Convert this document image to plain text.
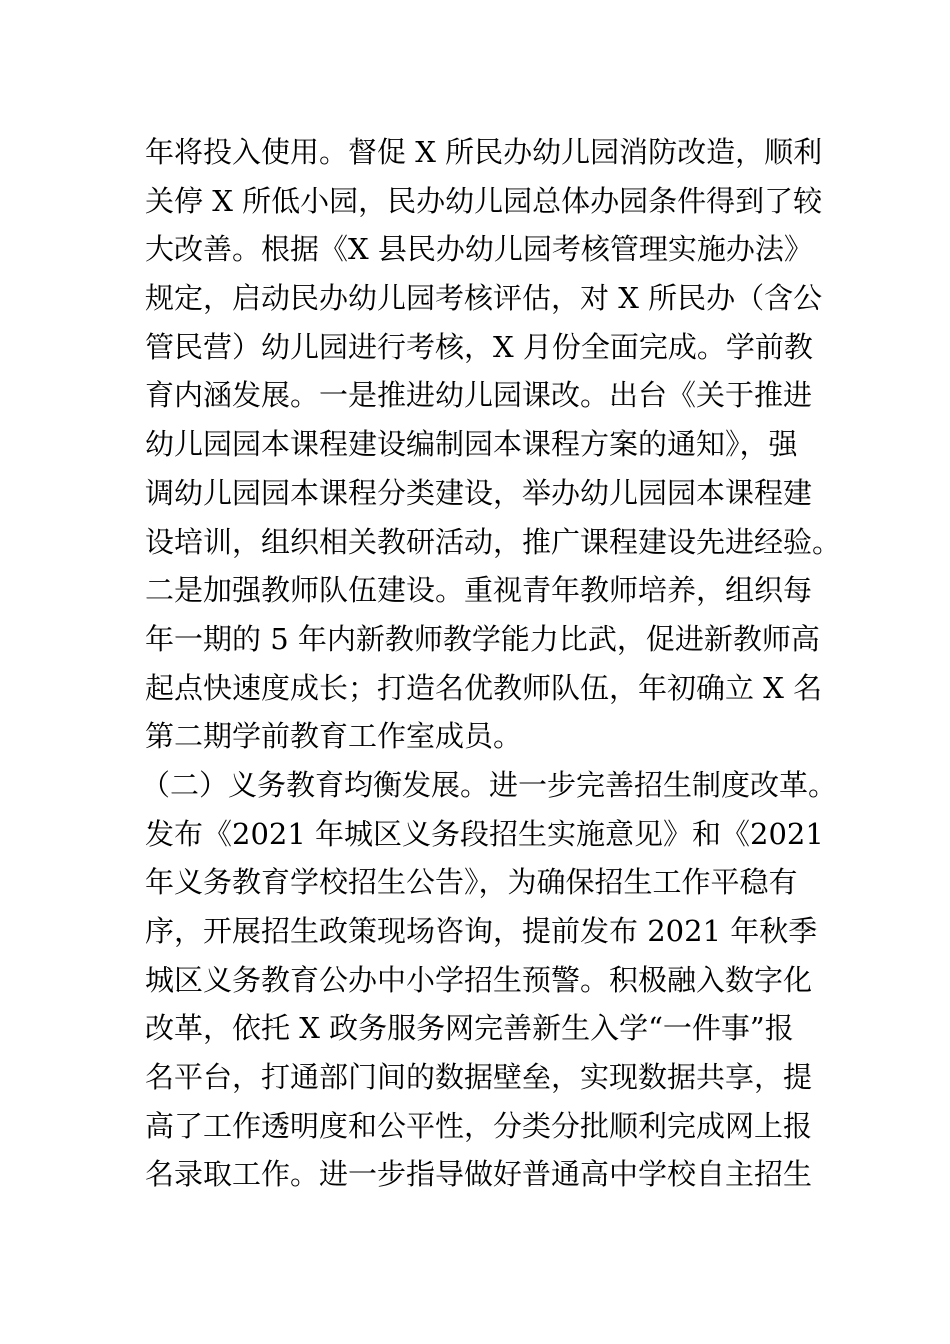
年将投入使用。督促 X 所民办幼儿园消防改造，顺利
关停 X 所低小园，民办幼儿园总体办园条件得到了较
大改善。根据《X 县民办幼儿园考核管理实施办法》
规定，启动民办幼儿园考核评估，对 X 所民办（含公
管民营）幼儿园进行考核，X 月份全面完成。学前教
育内涵发展。一是推进幼儿园课改。出台《关于推进
幼儿园园本课程建设编制园本课程方案的通知》，强
调幼儿园园本课程分类建设，举办幼儿园园本课程建
设培训，组织相关教研活动，推广课程建设先进经验。
二是加强教师队伍建设。重视青年教师培养，组织每
年一期的 5 年内新教师教学能力比武，促进新教师高
起点快速度成长；打造名优教师队伍，年初确立 X 名
第二期学前教育工作室成员。
（二）义务教育均衡发展。进一步完善招生制度改革。
发布《2021 年城区义务段招生实施意见》和《2021
年义务教育学校招生公告》，为确保招生工作平稳有
序，开展招生政策现场咨询，提前发布 2021 年秋季
城区义务教育公办中小学招生预警。积极融入数字化
改革，依托 X 政务服务网完善新生入学“一件事”报
名平台，打通部门间的数据壁垒，实现数据共享，提
高了工作透明度和公平性，分类分批顺利完成网上报
名录取工作。进一步指导做好普通高中学校自主招生
